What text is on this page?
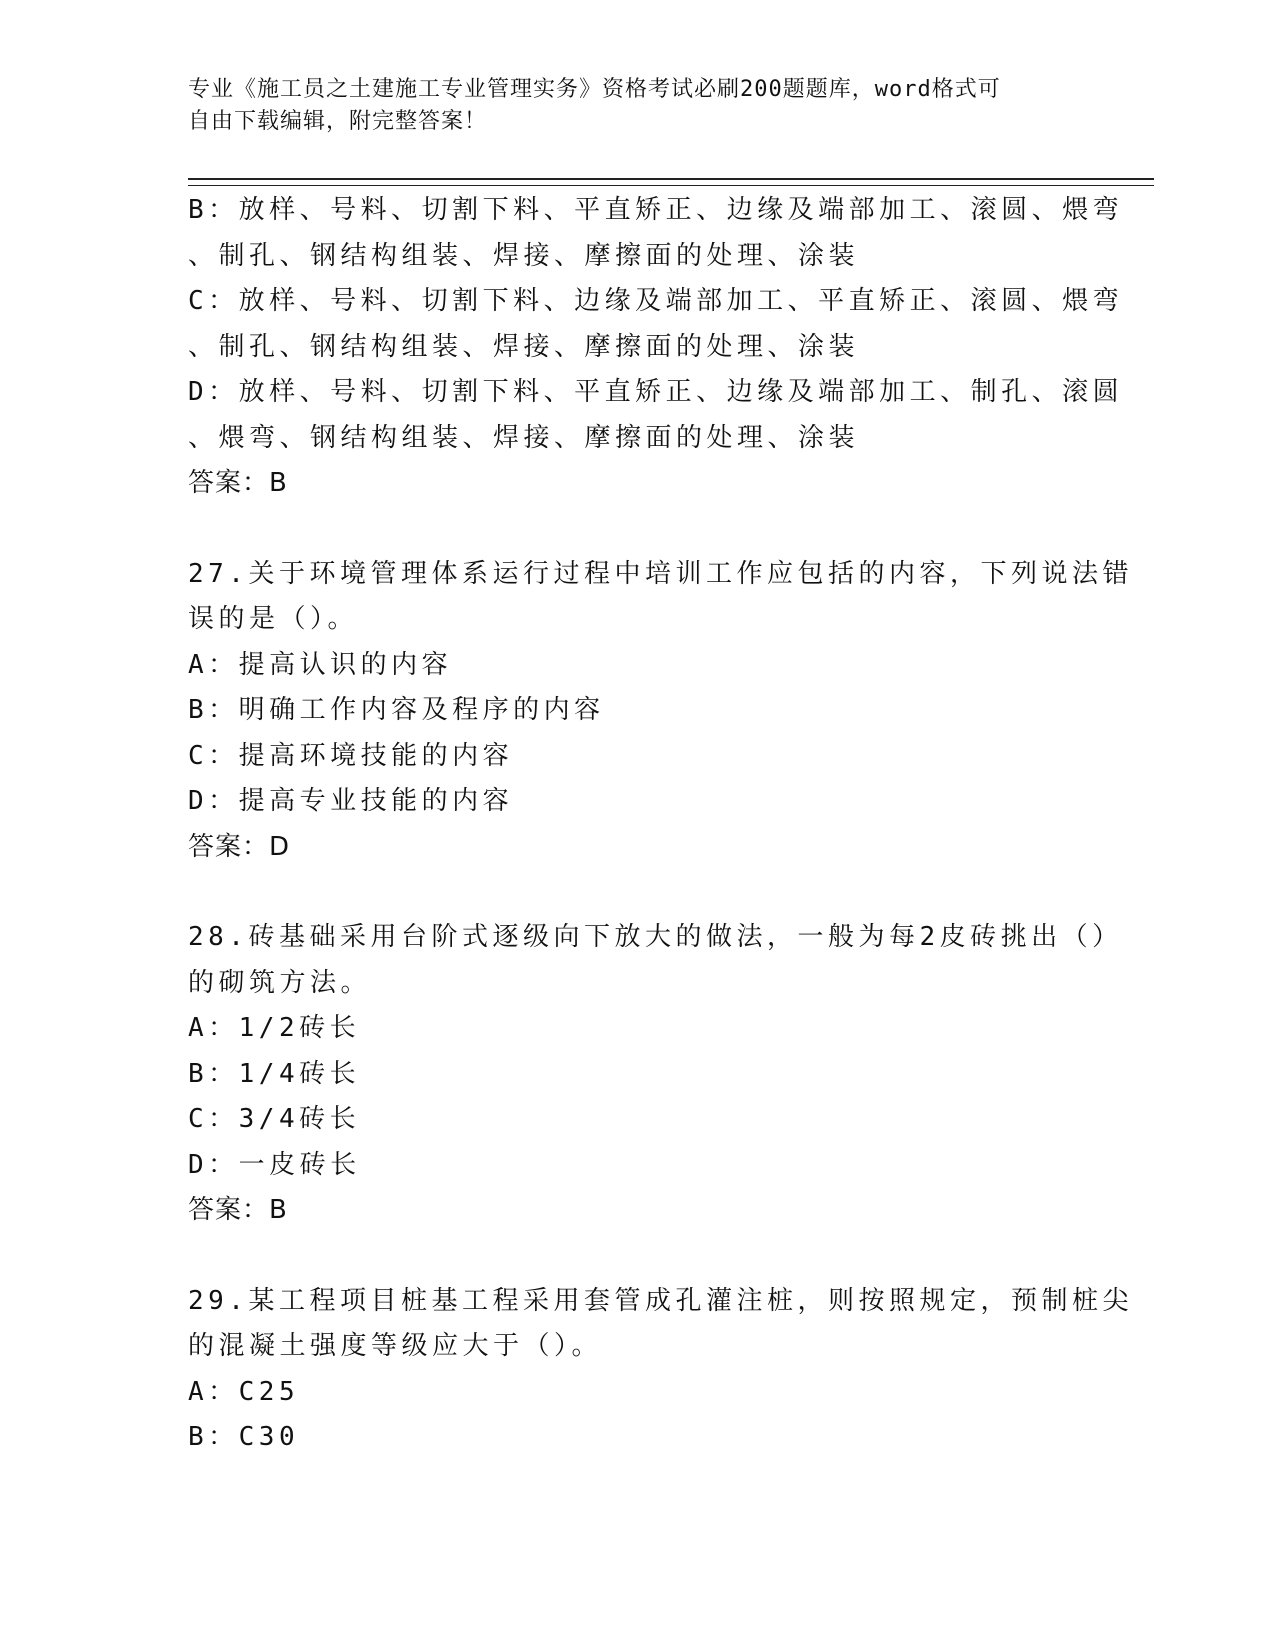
专业《施工员之土建施工专业管理实务》资格考试必刷200题题库，word格式可
自由下载编辑，附完整答案！
B：放样、号料、切割下料、平直矫正、边缘及端部加工、滚圆、煨弯
、制孔、钢结构组装、焊接、摩擦面的处理、涂装
C：放样、号料、切割下料、边缘及端部加工、平直矫正、滚圆、煨弯
、制孔、钢结构组装、焊接、摩擦面的处理、涂装
D：放样、号料、切割下料、平直矫正、边缘及端部加工、制孔、滚圆
、煨弯、钢结构组装、焊接、摩擦面的处理、涂装
答案：B
27.关于环境管理体系运行过程中培训工作应包括的内容，下列说法错
误的是（）。
A：提高认识的内容
B：明确工作内容及程序的内容
C：提高环境技能的内容
D：提高专业技能的内容
答案：D
28.砖基础采用台阶式逐级向下放大的做法，一般为每2皮砖挑出（）
的砌筑方法。
A：1/2砖长
B：1/4砖长
C：3/4砖长
D：一皮砖长
答案：B
29.某工程项目桩基工程采用套管成孔灌注桩，则按照规定，预制桩尖
的混凝土强度等级应大于（）。
A：C25
B：C30
